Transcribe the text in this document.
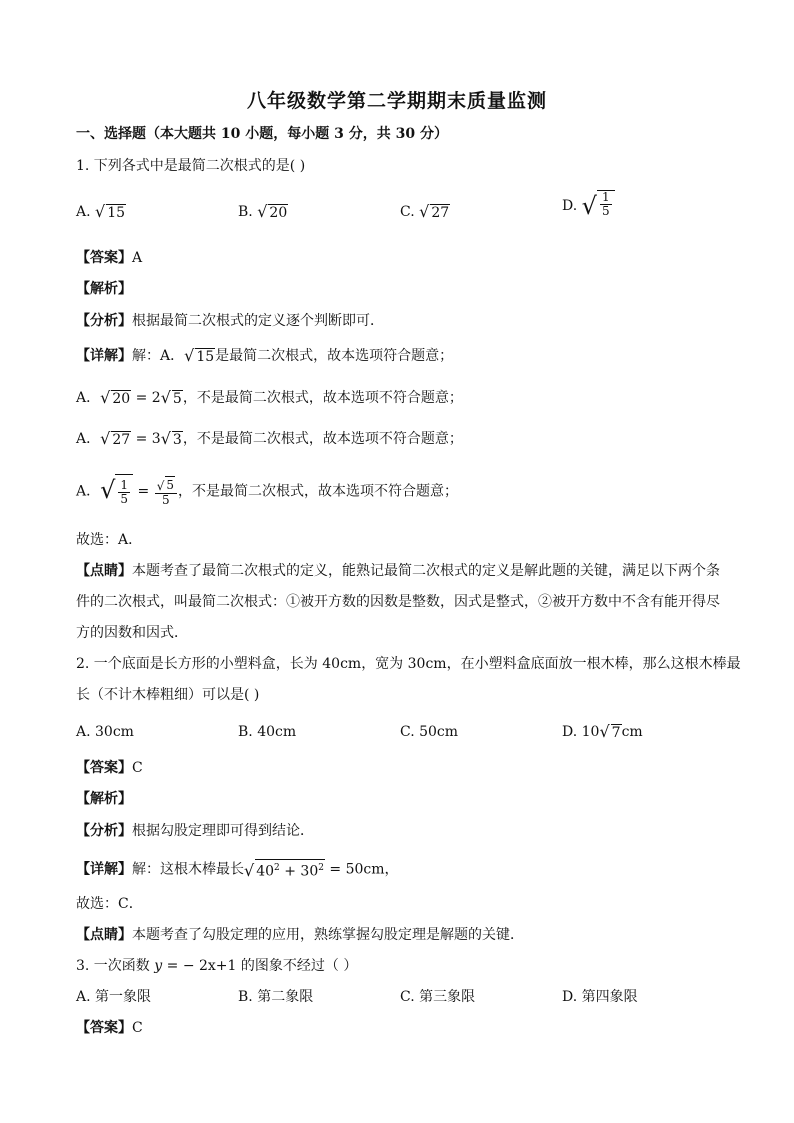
八年级数学第二学期期末质量监测
一、选择题（本大题共 10 小题，每小题 3 分，共 30 分）
1. 下列各式中是最简二次根式的是( )
A. √ 15	B. √ 20	C. √ 27	D. √ $\frac{1}{5}$
【答案】A
【解析】
【分析】根据最简二次根式的定义逐个判断即可．
【详解】解：A． √ 15 是最简二次根式，故本选项符合题意；
A． √ 20 = 2 √ 5 ，不是最简二次根式，故本选项不符合题意；
A． √ 27 = 3 √ 3 ，不是最简二次根式，故本选项不符合题意；
A． √ $\frac{1}{5} = \frac{√ 5}{5}$ ，不是最简二次根式，故本选项不符合题意；
故选：A．
【点睛】本题考查了最简二次根式的定义，能熟记最简二次根式的定义是解此题的关键，满足以下两个条
件的二次根式，叫最简二次根式：①被开方数的因数是整数，因式是整式，②被开方数中不含有能开得尽
方的因数和因式．
2. 一个底面是长方形的小塑料盒，长为 40cm，宽为 30cm，在小塑料盒底面放一根木棒，那么这根木棒最
长（不计木棒粗细）可以是( )
A. 30cm	B. 40cm	C. 50cm	D. 10 √ 7 cm
【答案】C
【解析】
【分析】根据勾股定理即可得到结论．
【详解】解：这根木棒最长 √ $40^2 + 30^2 = 50cm$，
故选：C．
【点睛】本题考查了勾股定理的应用，熟练掌握勾股定理是解题的关键．
3. 一次函数 y = − 2x+1 的图象不经过（ ）
A. 第一象限	B. 第二象限	C. 第三象限	D. 第四象限
【答案】C
